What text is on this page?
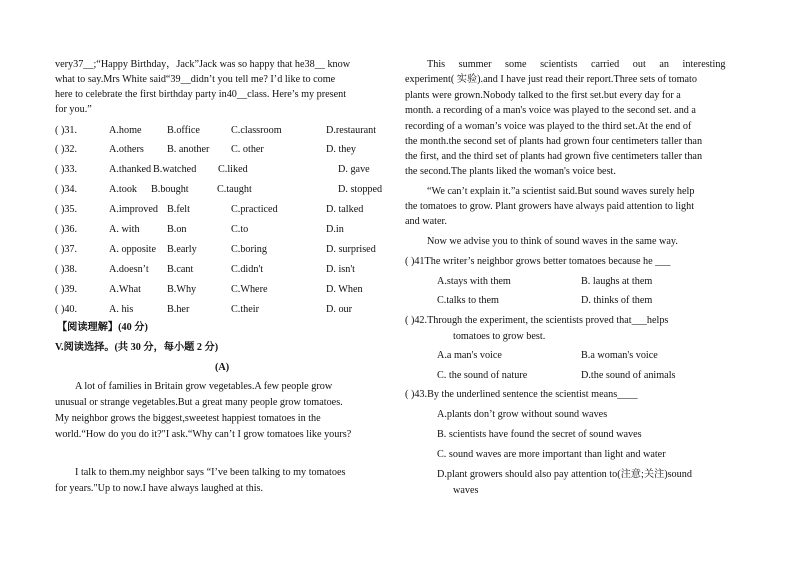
very37__;“Happy Birthday，Jack”Jack was so happy that he38__ know
what to say.Mrs White said“39__didn’t you tell me? I’d like to come
here to celebrate the first birthday party in40__class. Here’s my present
for you.”
( )31.	A.home B.office	C.classroom	D.restaurant
( )32.	A.others B. another C. other	D. they
( )33.	A.thanked B.watched C.liked	D. gave
( )34.	A.took B.bought	C.taught	D. stopped
( )35.	A.improved B.felt	C.practiced	D. talked
( )36.	A. with	B.on	C.to	D.in
( )37.	A. opposite B.early	C.boring	D. surprised
( )38.	A.doesn’t B.cant	C.didn't	D. isn't
( )39.	A.What	B.Why	C.Where	D. When
( )40.	A. his	B.her	C.their	D. our
【阅读理解】(40 分)
V.阅读选择。(共 30 分，每小题 2 分)
(A)
A lot of families in Britain grow vegetables.A few people grow
unusual or strange vegetables.But a great many people grow tomatoes.
My neighbor grows the biggest,sweetest happiest tomatoes in the
world.“How do you do it?"I ask.“Why can’t I grow tomatoes like yours?
I talk to them.my neighbor says “I’ve been talking to my tomatoes
for years."Up to now.I have always laughed at this.
This summer some scientists carried out an interesting
experiment( 实验).and I have just read their report.Three sets of tomato
plants were grown.Nobody talked to the first set.but every day for a
month. a recording of a man's voice was played to the second set. and a
recording of a woman’s voice was played to the third set.At the end of
the month.the second set of plants had grown four centimeters taller than
the first, and the third set of plants had grown five centimeters taller than
the second.The plants liked the woman's voice best.
“We can’t explain it.”a scientist said.But sound waves surely help
the tomatoes to grow. Plant growers have always paid attention to light
and water.
Now we advise you to think of sound waves in the same way.
( )41The writer’s neighbor grows better tomatoes because he ___
A.stays with them	B. laughs at them
C.talks to them	D. thinks of them
( )42.Through the experiment, the scientists proved that___helps
tomatoes to grow best.
A.a man's voice	B.a woman's voice
C. the sound of nature	D.the sound of animals
( )43.By the underlined sentence the scientist means____
A.plants don’t grow without sound waves
B. scientists have found the secret of sound waves
C. sound waves are more important than light and water
D.plant growers should also pay attention to(注意;关注)sound
waves
